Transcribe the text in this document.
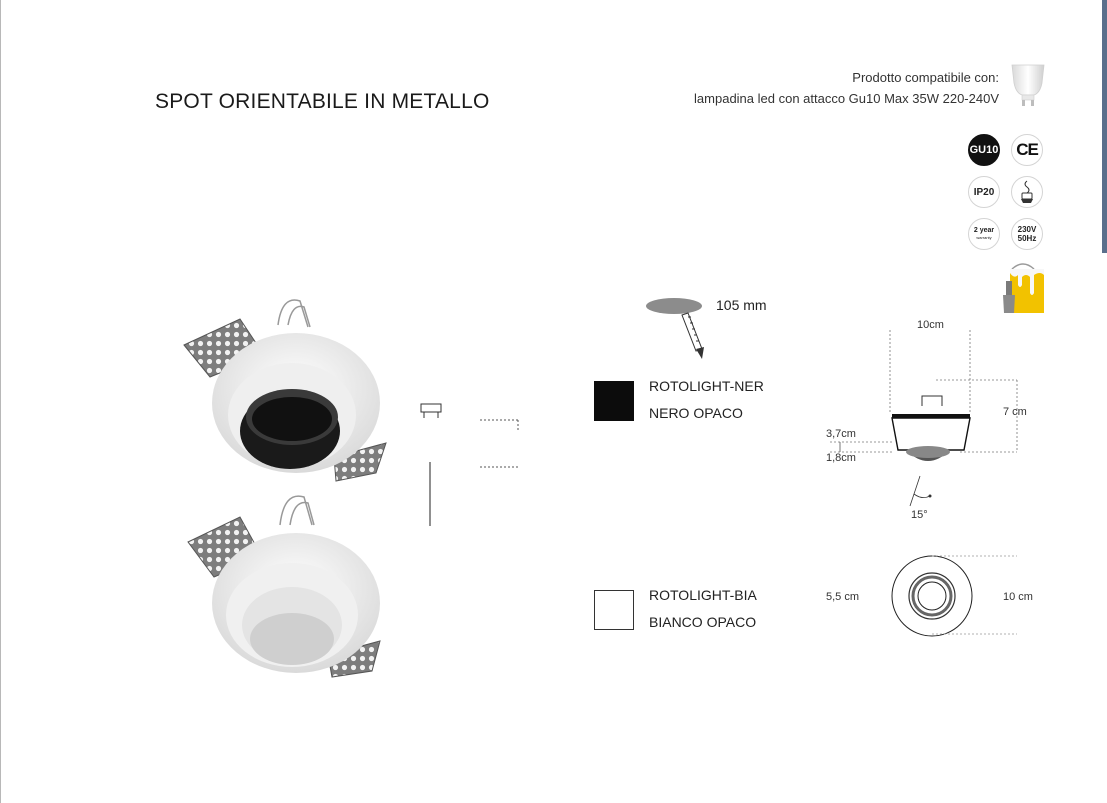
SPOT ORIENTABILE IN METALLO
Prodotto compatibile con:
lampadina led con attacco Gu10 Max 35W 220-240V
GU10 CE
IP20
2 year
warranty
230V
50Hz
105 mm
ROTOLIGHT-NER
NERO OPACO
ROTOLIGHT-BIA
BIANCO OPACO
10cm
7 cm
3,7cm
1,8cm
15°
5,5 cm	10 cm
